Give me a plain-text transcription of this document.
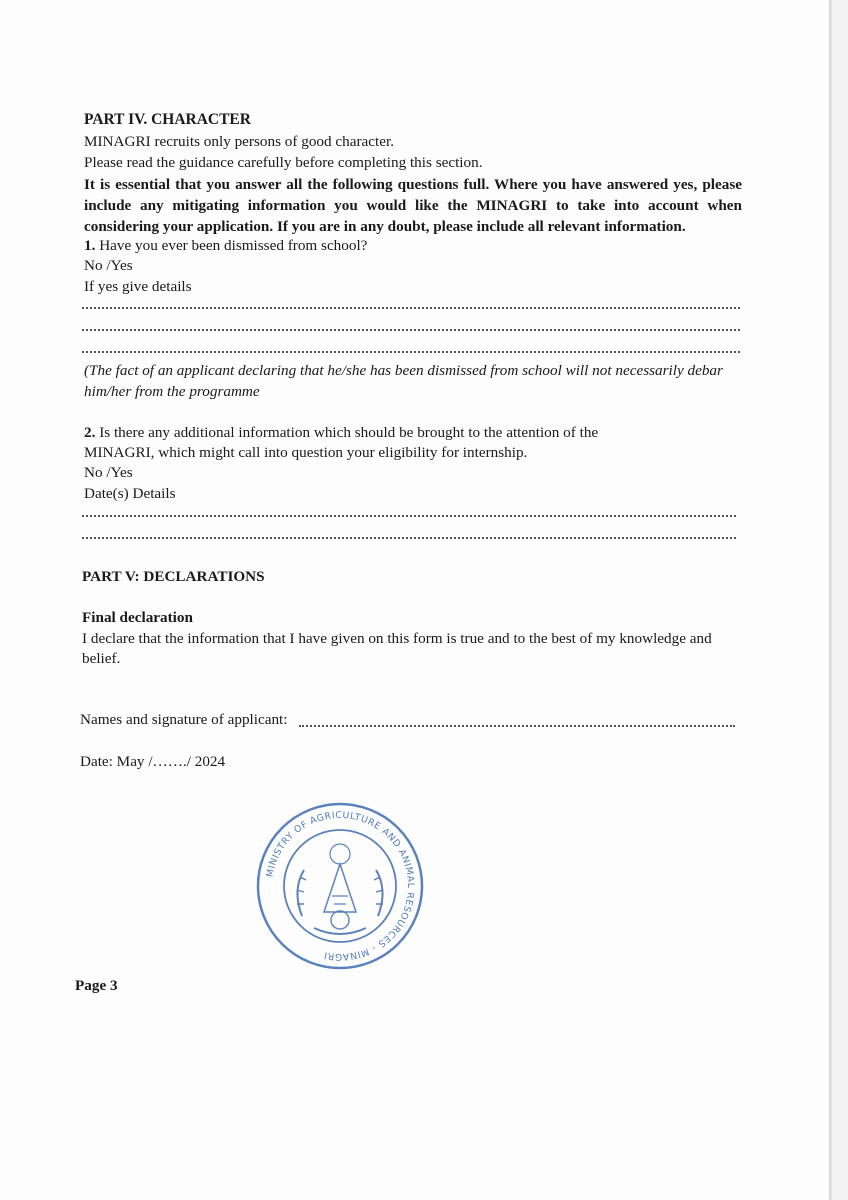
PART IV. CHARACTER

MINAGRI recruits only persons of good character.

Please read the guidance carefully before completing this section.

It is essential that you answer all the following questions full. Where you have answered yes, please include any mitigating information you would like the MINAGRI to take into account when considering your application. If you are in any doubt, please include all relevant information.

1. Have you ever been dismissed from school?

No /Yes

If yes give details

(The fact of an applicant declaring that he/she has been dismissed from school will not necessarily debar

him/her from the programme

2. Is there any additional information which should be brought to the attention of the

MINAGRI, which might call into question your eligibility for internship.

No /Yes

Date(s) Details

PART V: DECLARATIONS

Final declaration

I declare that the information that I have given on this form is true and to the best of my knowledge and

belief.

Names and signature of applicant:

Date: May /……./ 2024

MINISTRY OF AGRICULTURE AND ANIMAL RESOURCES - MINAGRI

Page 3
